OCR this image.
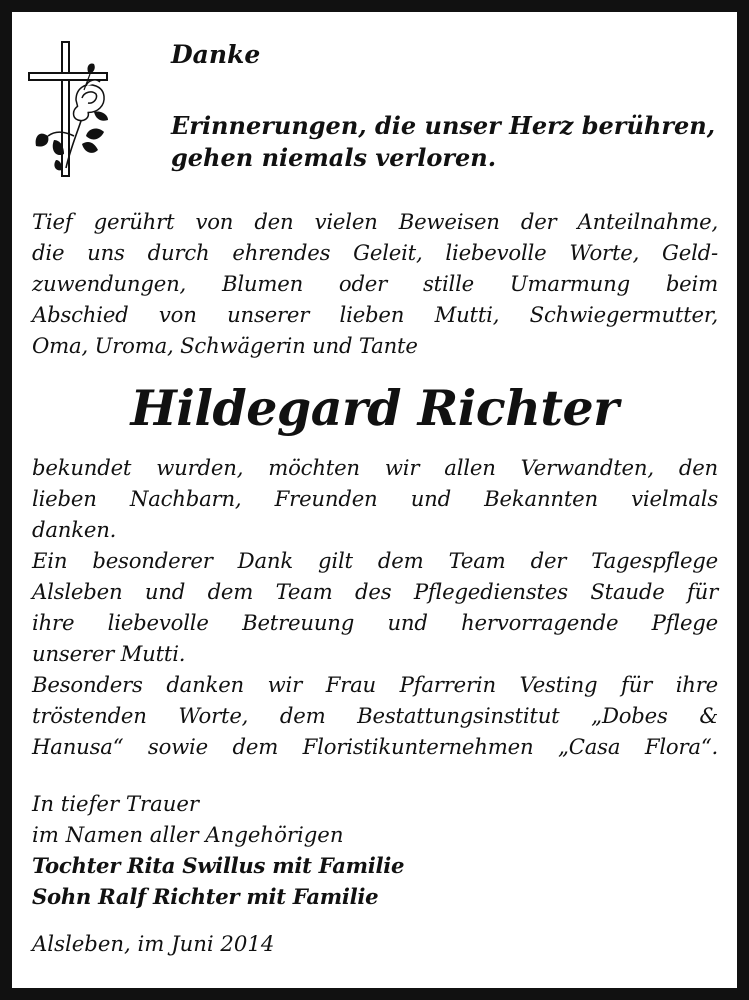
Danke
Erinnerungen, die unser Herz berühren,
gehen niemals verloren.
Tief gerührt von den vielen Beweisen der Anteilnahme,
die uns durch ehrendes Geleit, liebevolle Worte, Geld-
zuwendungen, Blumen oder stille Umarmung beim
Abschied von unserer lieben Mutti, Schwiegermutter,
Oma, Uroma, Schwägerin und Tante
Hildegard Richter
bekundet wurden, möchten wir allen Verwandten, den
lieben Nachbarn, Freunden und Bekannten vielmals
danken.
Ein besonderer Dank gilt dem Team der Tagespflege
Alsleben und dem Team des Pflegedienstes Staude für
ihre liebevolle Betreuung und hervorragende Pflege
unserer Mutti.
Besonders danken wir Frau Pfarrerin Vesting für ihre
tröstenden Worte, dem Bestattungsinstitut „Dobes &
Hanusa“ sowie dem Floristikunternehmen „Casa Flora“.
In tiefer Trauer
im Namen aller Angehörigen
Tochter Rita Swillus mit Familie
Sohn Ralf Richter mit Familie
Alsleben, im Juni 2014
